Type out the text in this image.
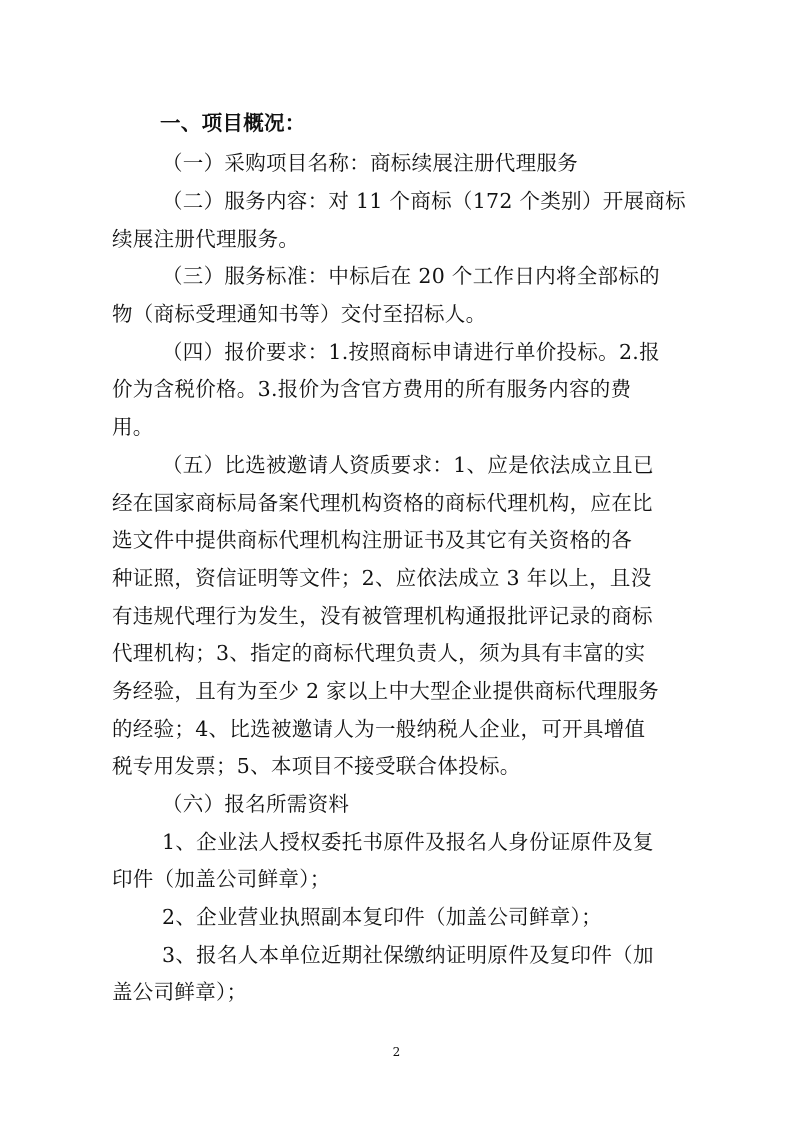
一、项目概况：
（一）采购项目名称：商标续展注册代理服务
（二）服务内容：对 11 个商标（172 个类别）开展商标
续展注册代理服务。
（三）服务标准：中标后在 20 个工作日内将全部标的
物（商标受理通知书等）交付至招标人。
（四）报价要求：1.按照商标申请进行单价投标。2.报
价为含税价格。3.报价为含官方费用的所有服务内容的费
用。
（五）比选被邀请人资质要求：1、应是依法成立且已
经在国家商标局备案代理机构资格的商标代理机构，应在比
选文件中提供商标代理机构注册证书及其它有关资格的各
种证照，资信证明等文件；2、应依法成立 3 年以上，且没
有违规代理行为发生，没有被管理机构通报批评记录的商标
代理机构；3、指定的商标代理负责人，须为具有丰富的实
务经验，且有为至少 2 家以上中大型企业提供商标代理服务
的经验；4、比选被邀请人为一般纳税人企业，可开具增值
税专用发票；5、本项目不接受联合体投标。
（六）报名所需资料
1、企业法人授权委托书原件及报名人身份证原件及复
印件（加盖公司鲜章）；
2、企业营业执照副本复印件（加盖公司鲜章）；
3、报名人本单位近期社保缴纳证明原件及复印件（加
盖公司鲜章）；
2
